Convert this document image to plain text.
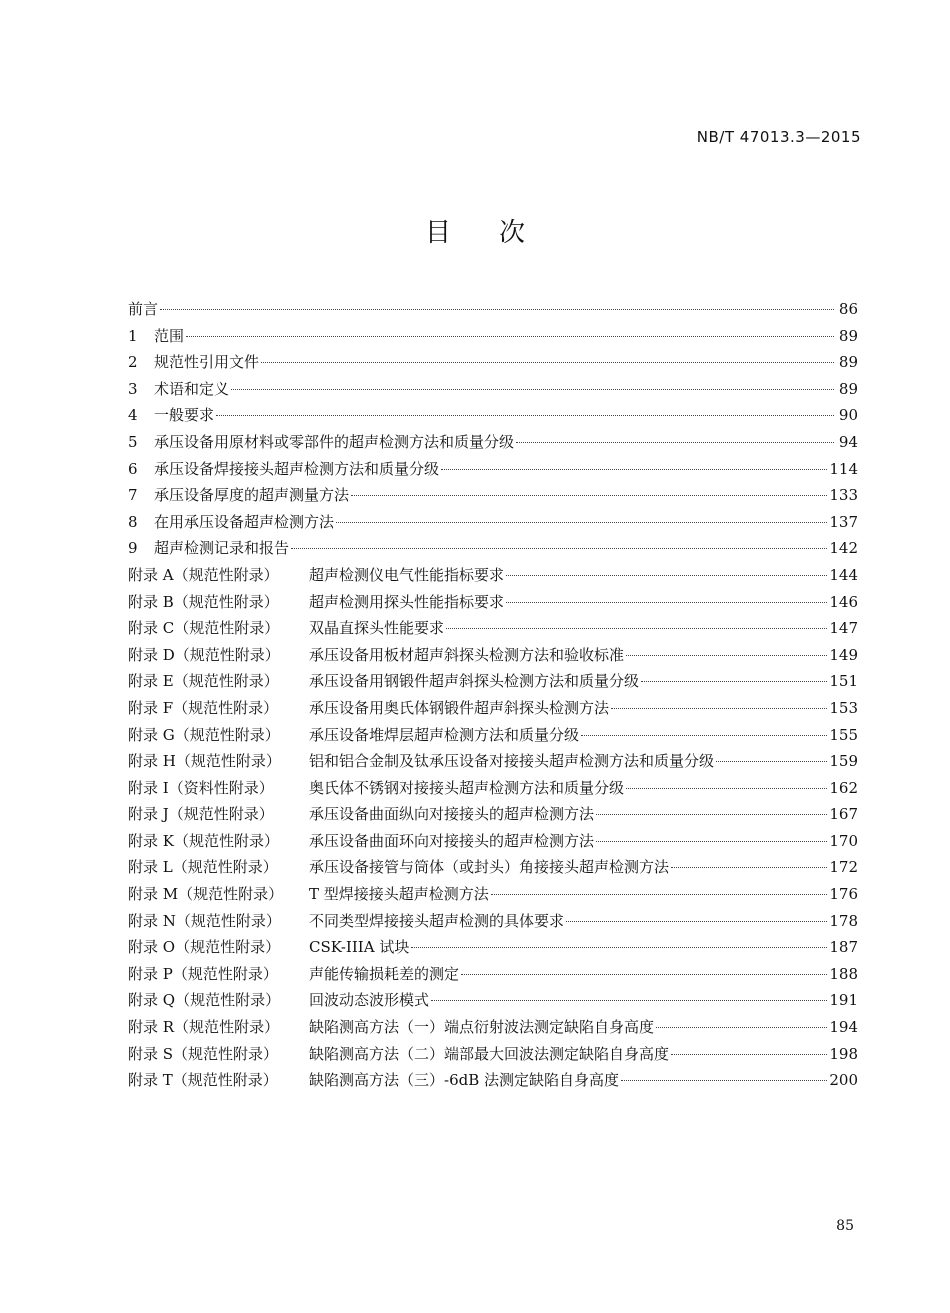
NB/T 47013.3—2015
目 次
前言	86
1	范围	89
2	规范性引用文件	89
3	术语和定义	89
4	一般要求	90
5	承压设备用原材料或零部件的超声检测方法和质量分级	94
6	承压设备焊接接头超声检测方法和质量分级	114
7	承压设备厚度的超声测量方法	133
8	在用承压设备超声检测方法	137
9	超声检测记录和报告	142
附录 A（规范性附录）	超声检测仪电气性能指标要求	144
附录 B（规范性附录）	超声检测用探头性能指标要求	146
附录 C（规范性附录）	双晶直探头性能要求	147
附录 D（规范性附录）	承压设备用板材超声斜探头检测方法和验收标准	149
附录 E（规范性附录）	承压设备用钢锻件超声斜探头检测方法和质量分级	151
附录 F（规范性附录）	承压设备用奥氏体钢锻件超声斜探头检测方法	153
附录 G（规范性附录）	承压设备堆焊层超声检测方法和质量分级	155
附录 H（规范性附录）	铝和铝合金制及钛承压设备对接接头超声检测方法和质量分级	159
附录 I（资料性附录）	奥氏体不锈钢对接接头超声检测方法和质量分级	162
附录 J（规范性附录）	承压设备曲面纵向对接接头的超声检测方法	167
附录 K（规范性附录）	承压设备曲面环向对接接头的超声检测方法	170
附录 L（规范性附录）	承压设备接管与筒体（或封头）角接接头超声检测方法	172
附录 M（规范性附录）	T 型焊接接头超声检测方法	176
附录 N（规范性附录）	不同类型焊接接头超声检测的具体要求	178
附录 O（规范性附录）	CSK-IIIA 试块	187
附录 P（规范性附录）	声能传输损耗差的测定	188
附录 Q（规范性附录）	回波动态波形模式	191
附录 R（规范性附录）	缺陷测高方法（一）端点衍射波法测定缺陷自身高度	194
附录 S（规范性附录）	缺陷测高方法（二）端部最大回波法测定缺陷自身高度	198
附录 T（规范性附录）	缺陷测高方法（三）-6dB 法测定缺陷自身高度	200
85
